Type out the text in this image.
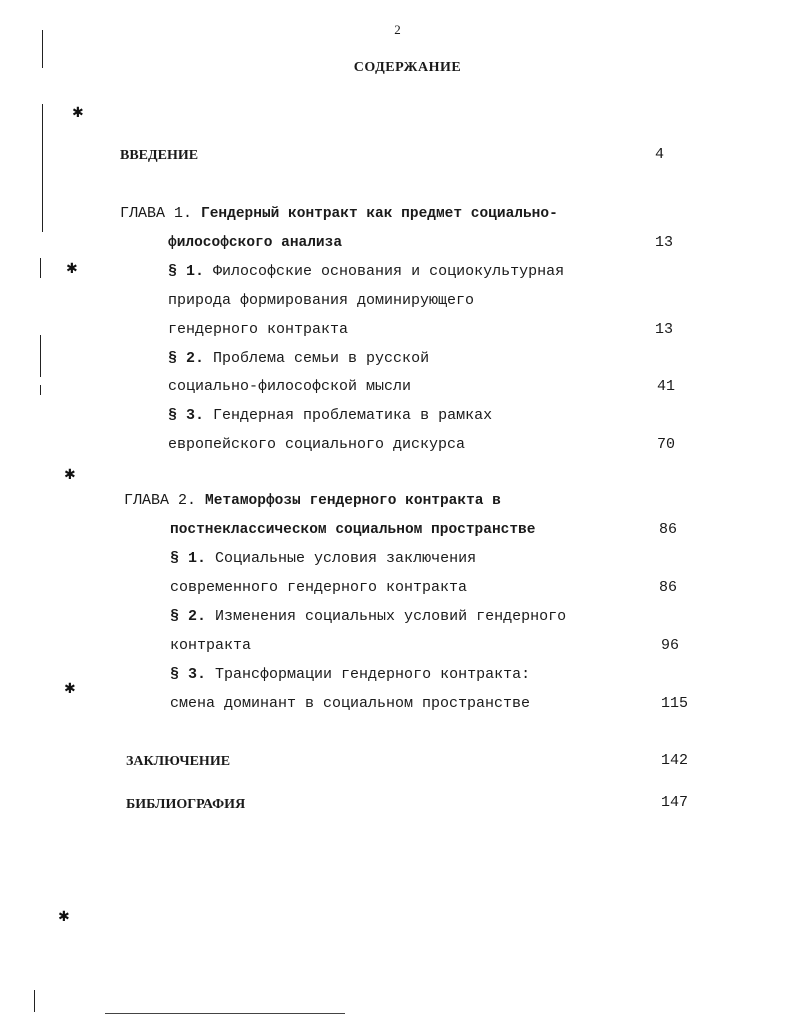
✱
✱
✱
✱
✱
2
СОДЕРЖАНИЕ
ВВЕДЕНИЕ	4
ГЛАВА 1. Гендерный контракт как предмет социально-
философского анализа	13
§ 1. Философские основания и социокультурная
природа формирования доминирующего
гендерного контракта	13
§ 2. Проблема семьи в русской
социально-философской мысли	41
§ 3. Гендерная проблематика в рамках
европейского социального дискурса	70
ГЛАВА 2. Метаморфозы гендерного контракта в
постнеклассическом социальном пространстве	86
§ 1. Социальные условия заключения
современного гендерного контракта	86
§ 2. Изменения социальных условий гендерного
контракта	96
§ 3. Трансформации гендерного контракта:
смена доминант в социальном пространстве	115
ЗАКЛЮЧЕНИЕ	142
БИБЛИОГРАФИЯ	147
